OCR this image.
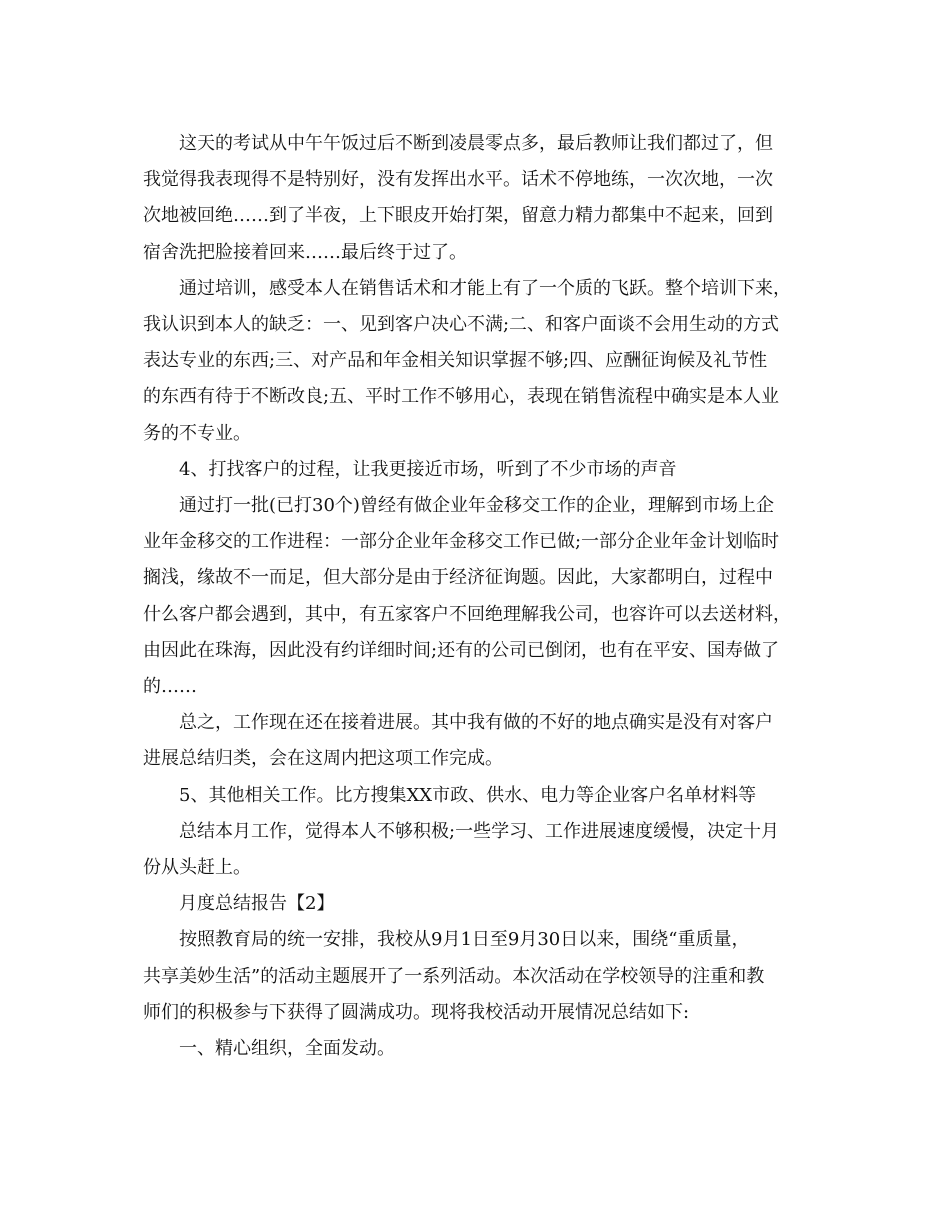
这天的考试从中午午饭过后不断到凌晨零点多，最后教师让我们都过了，但
我觉得我表现得不是特别好，没有发挥出水平。话术不停地练，一次次地，一次
次地被回绝……到了半夜，上下眼皮开始打架，留意力精力都集中不起来，回到
宿舍洗把脸接着回来……最后终于过了。

通过培训，感受本人在销售话术和才能上有了一个质的飞跃。整个培训下来，
我认识到本人的缺乏：一、见到客户决心不满;二、和客户面谈不会用生动的方式
表达专业的东西;三、对产品和年金相关知识掌握不够;四、应酬征询候及礼节性
的东西有待于不断改良;五、平时工作不够用心，表现在销售流程中确实是本人业
务的不专业。

4、打找客户的过程，让我更接近市场，听到了不少市场的声音

通过打一批(已打30个)曾经有做企业年金移交工作的企业，理解到市场上企
业年金移交的工作进程：一部分企业年金移交工作已做;一部分企业年金计划临时
搁浅，缘故不一而足，但大部分是由于经济征询题。因此，大家都明白，过程中
什么客户都会遇到，其中，有五家客户不回绝理解我公司，也容许可以去送材料，
由因此在珠海，因此没有约详细时间;还有的公司已倒闭，也有在平安、国寿做了
的……

总之，工作现在还在接着进展。其中我有做的不好的地点确实是没有对客户
进展总结归类，会在这周内把这项工作完成。

5、其他相关工作。比方搜集XX市政、供水、电力等企业客户名单材料等

总结本月工作，觉得本人不够积极;一些学习、工作进展速度缓慢，决定十月
份从头赶上。

月度总结报告【2】

按照教育局的统一安排，我校从9月1日至9月30日以来，围绕“重质量，
共享美妙生活”的活动主题展开了一系列活动。本次活动在学校领导的注重和教
师们的积极参与下获得了圆满成功。现将我校活动开展情况总结如下:

一、精心组织，全面发动。
